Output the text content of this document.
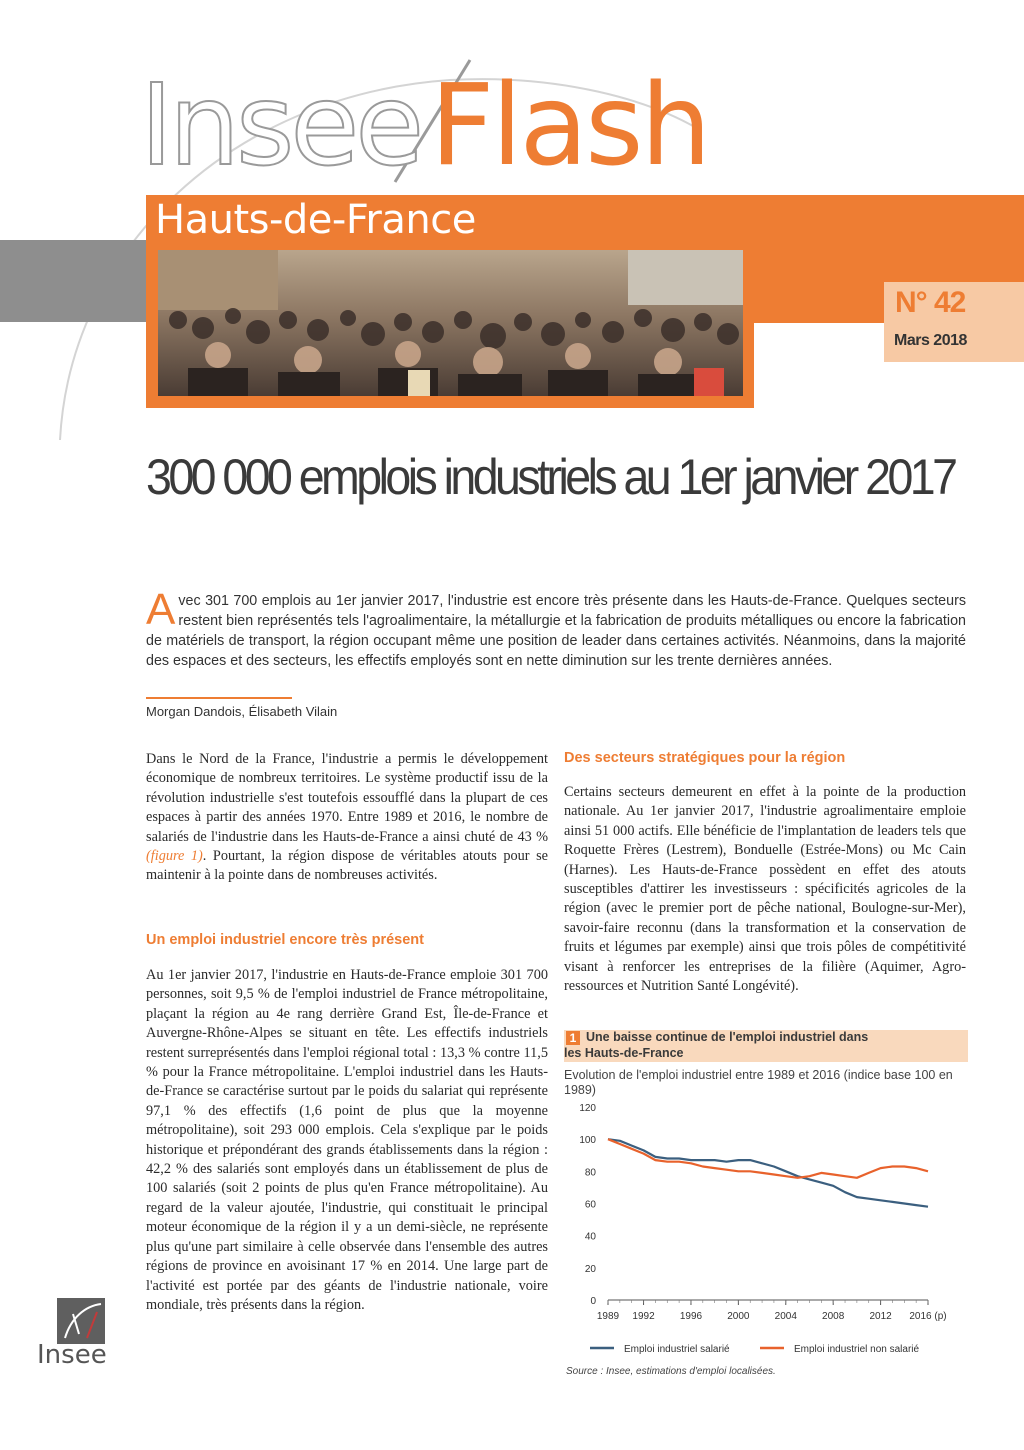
Insee Flash
Hauts-de-France
N° 42
Mars 2018
300 000 emplois industriels au 1er janvier 2017
Avec 301 700 emplois au 1er janvier 2017, l'industrie est encore très présente dans les Hauts-de-France. Quelques secteurs restent bien représentés tels l'agroalimentaire, la métallurgie et la fabrication de produits métalliques ou encore la fabrication de matériels de transport, la région occupant même une position de leader dans certaines activités. Néanmoins, dans la majorité des espaces et des secteurs, les effectifs employés sont en nette diminution sur les trente dernières années.
Morgan Dandois, Élisabeth Vilain

Dans le Nord de la France, l'industrie a permis le développement économique de nombreux territoires. Le système productif issu de la révolution industrielle s'est toutefois essoufflé dans la plupart de ces espaces à partir des années 1970. Entre 1989 et 2016, le nombre de salariés de l'industrie dans les Hauts-de-France a ainsi chuté de 43 % (figure 1). Pourtant, la région dispose de véritables atouts pour se maintenir à la pointe dans de nombreuses activités.

Un emploi industriel encore très présent

Au 1er janvier 2017, l'industrie en Hauts-de-France emploie 301 700 personnes, soit 9,5 % de l'emploi industriel de France métropolitaine, plaçant la région au 4e rang derrière Grand Est, Île-de-France et Auvergne-Rhône-Alpes se situant en tête. Les effectifs industriels restent surreprésentés dans l'emploi régional total : 13,3 % contre 11,5 % pour la France métropolitaine. L'emploi industriel dans les Hauts-de-France se caractérise surtout par le poids du salariat qui représente 97,1 % des effectifs (1,6 point de plus que la moyenne métropolitaine), soit 293 000 emplois. Cela s'explique par le poids historique et prépondérant des grands établissements dans la région : 42,2 % des salariés sont employés dans un établissement de plus de 100 salariés (soit 2 points de plus qu'en France métropolitaine). Au regard de la valeur ajoutée, l'industrie, qui constituait le principal moteur économique de la région il y a un demi-siècle, ne représente plus qu'une part similaire à celle observée dans l'ensemble des autres régions de province en avoisinant 17 % en 2014. Une large part de l'activité est portée par des géants de l'industrie nationale, voire mondiale, très présents dans la région.

Des secteurs stratégiques pour la région

Certains secteurs demeurent en effet à la pointe de la production nationale. Au 1er janvier 2017, l'industrie agroalimentaire emploie ainsi 51 000 actifs. Elle bénéficie de l'implantation de leaders tels que Roquette Frères (Lestrem), Bonduelle (Estrée-Mons) ou Mc Cain (Harnes). Les Hauts-de-France possèdent en effet des atouts susceptibles d'attirer les investisseurs : spécificités agricoles de la région (avec le premier port de pêche national, Boulogne-sur-Mer), savoir-faire reconnu (dans la transformation et la conservation de fruits et légumes par exemple) ainsi que trois pôles de compétitivité visant à renforcer les entreprises de la filière (Aquimer, Agro-ressources et Nutrition Santé Longévité).

1 Une baisse continue de l'emploi industriel dans
les Hauts-de-France
Evolution de l'emploi industriel entre 1989 et 2016 (indice base 100 en 1989)
0
20
40
60
80
100
120
1989 1992	1996	2000	2004	2008	2012 2016 (p)
Emploi industriel salarié	Emploi industriel non salarié
Source : Insee, estimations d'emploi localisées.
Insee
